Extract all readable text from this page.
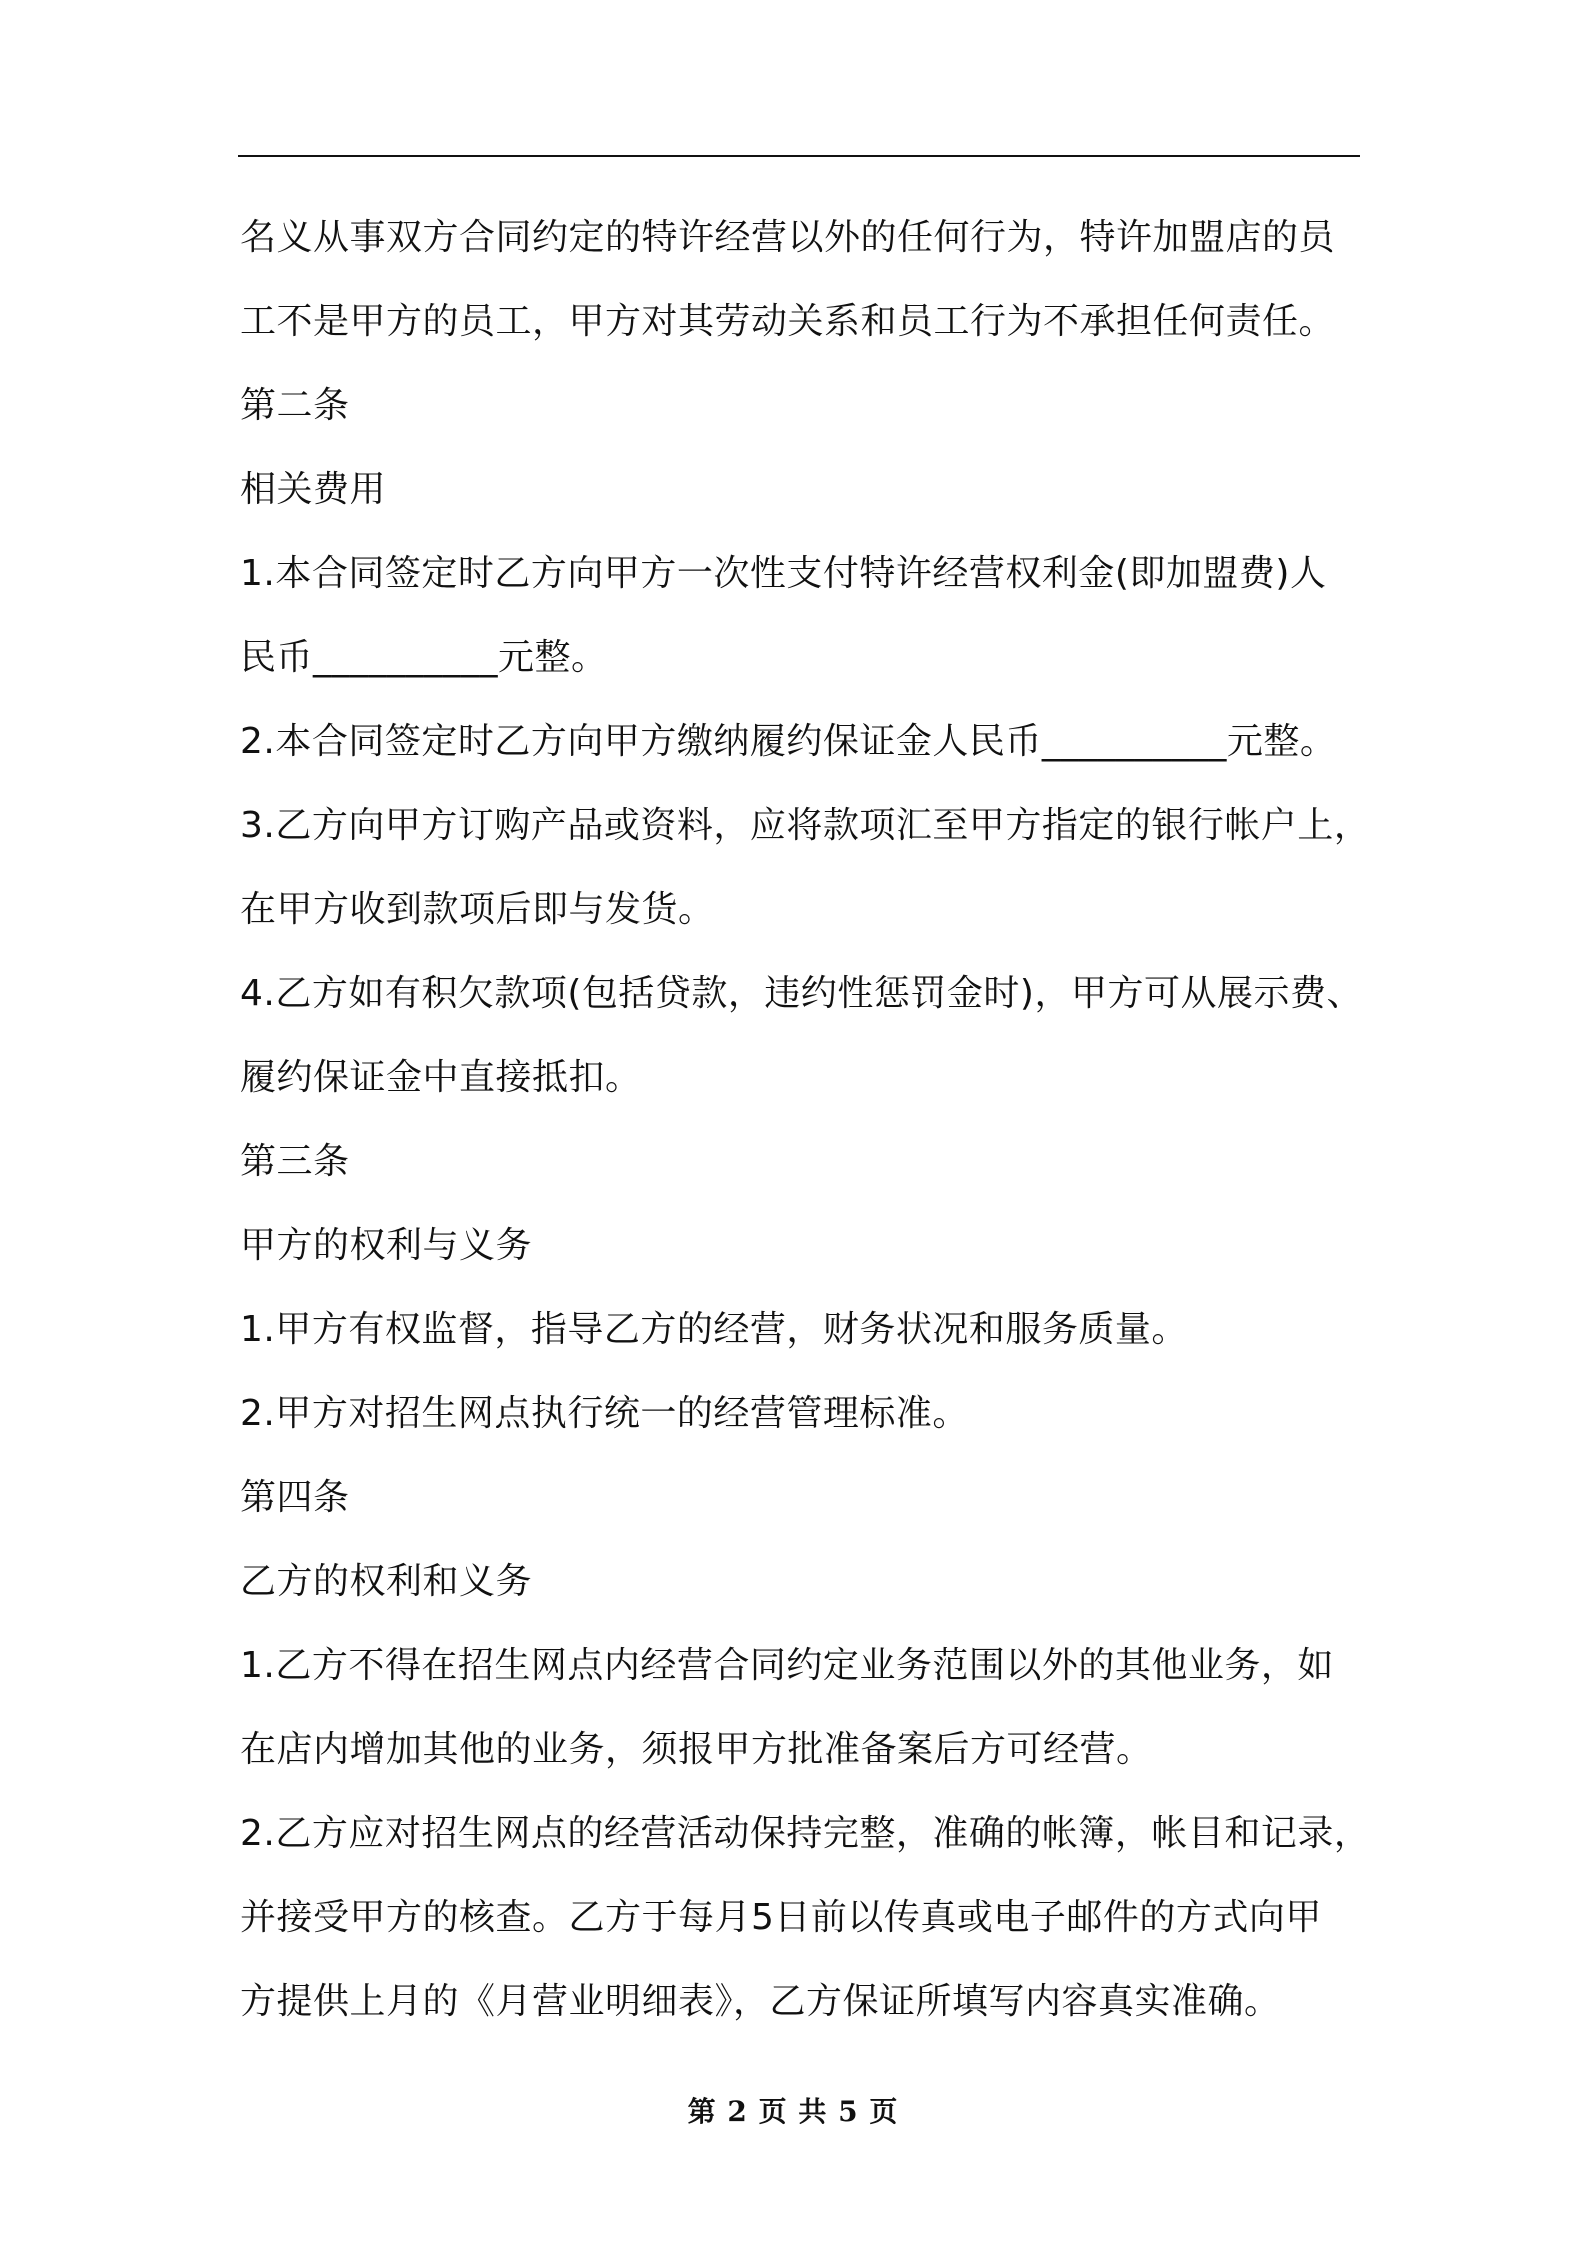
名义从事双方合同约定的特许经营以外的任何行为，特许加盟店的员
工不是甲方的员工，甲方对其劳动关系和员工行为不承担任何责任。
第二条
相关费用
1.本合同签定时乙方向甲方一次性支付特许经营权利金(即加盟费)人
民币__________元整。
2.本合同签定时乙方向甲方缴纳履约保证金人民币__________元整。
3.乙方向甲方订购产品或资料，应将款项汇至甲方指定的银行帐户上，
在甲方收到款项后即与发货。
4.乙方如有积欠款项(包括贷款，违约性惩罚金时)，甲方可从展示费、
履约保证金中直接抵扣。
第三条
甲方的权利与义务
1.甲方有权监督，指导乙方的经营，财务状况和服务质量。
2.甲方对招生网点执行统一的经营管理标准。
第四条
乙方的权利和义务
1.乙方不得在招生网点内经营合同约定业务范围以外的其他业务，如
在店内增加其他的业务，须报甲方批准备案后方可经营。
2.乙方应对招生网点的经营活动保持完整，准确的帐簿，帐目和记录，
并接受甲方的核查。乙方于每月5日前以传真或电子邮件的方式向甲
方提供上月的《月营业明细表》，乙方保证所填写内容真实准确。
第 2 页 共 5 页
